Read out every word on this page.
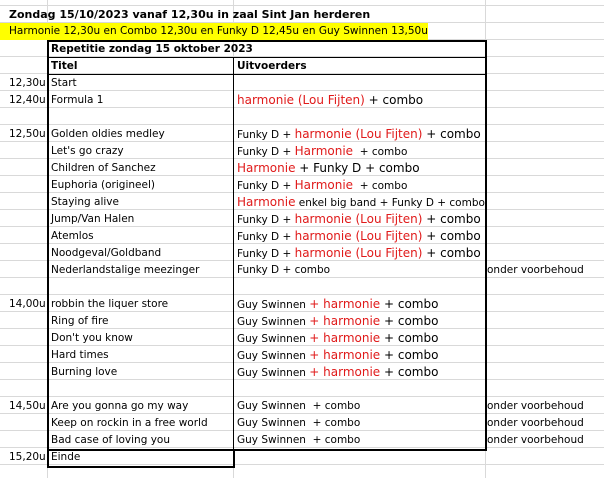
Zondag 15/10/2023 vanaf 12,30u in zaal Sint Jan herderen
Harmonie 12,30u en Combo 12,30u en Funky D 12,45u en Guy Swinnen 13,50u
Repetitie zondag 15 oktober 2023
Titel	Uitvoerders
12,30u Start
12,40u Formula 1	harmonie (Lou Fijten) + combo
12,50u Golden oldies medley	Funky D + harmonie (Lou Fijten) + combo
Let's go crazy	Funky D + Harmonie  + combo
Children of Sanchez	Harmonie + Funky D + combo
Euphoria (origineel)	Funky D + Harmonie  + combo
Staying alive	Harmonie enkel big band + Funky D + combo
Jump/Van Halen	Funky D + harmonie (Lou Fijten) + combo
Atemlos	Funky D + harmonie (Lou Fijten) + combo
Noodgeval/Goldband	Funky D + harmonie (Lou Fijten) + combo
Nederlandstalige meezinger	Funky D + combo	onder voorbehoud
14,00u robbin the liquer store	Guy Swinnen + harmonie + combo
Ring of fire	Guy Swinnen + harmonie + combo
Don't you know	Guy Swinnen + harmonie + combo
Hard times	Guy Swinnen + harmonie + combo
Burning love	Guy Swinnen + harmonie + combo
14,50u Are you gonna go my way	Guy Swinnen  + combo	onder voorbehoud
Keep on rockin in a free world	Guy Swinnen  + combo	onder voorbehoud
Bad case of loving you	Guy Swinnen  + combo	onder voorbehoud
15,20u Einde
